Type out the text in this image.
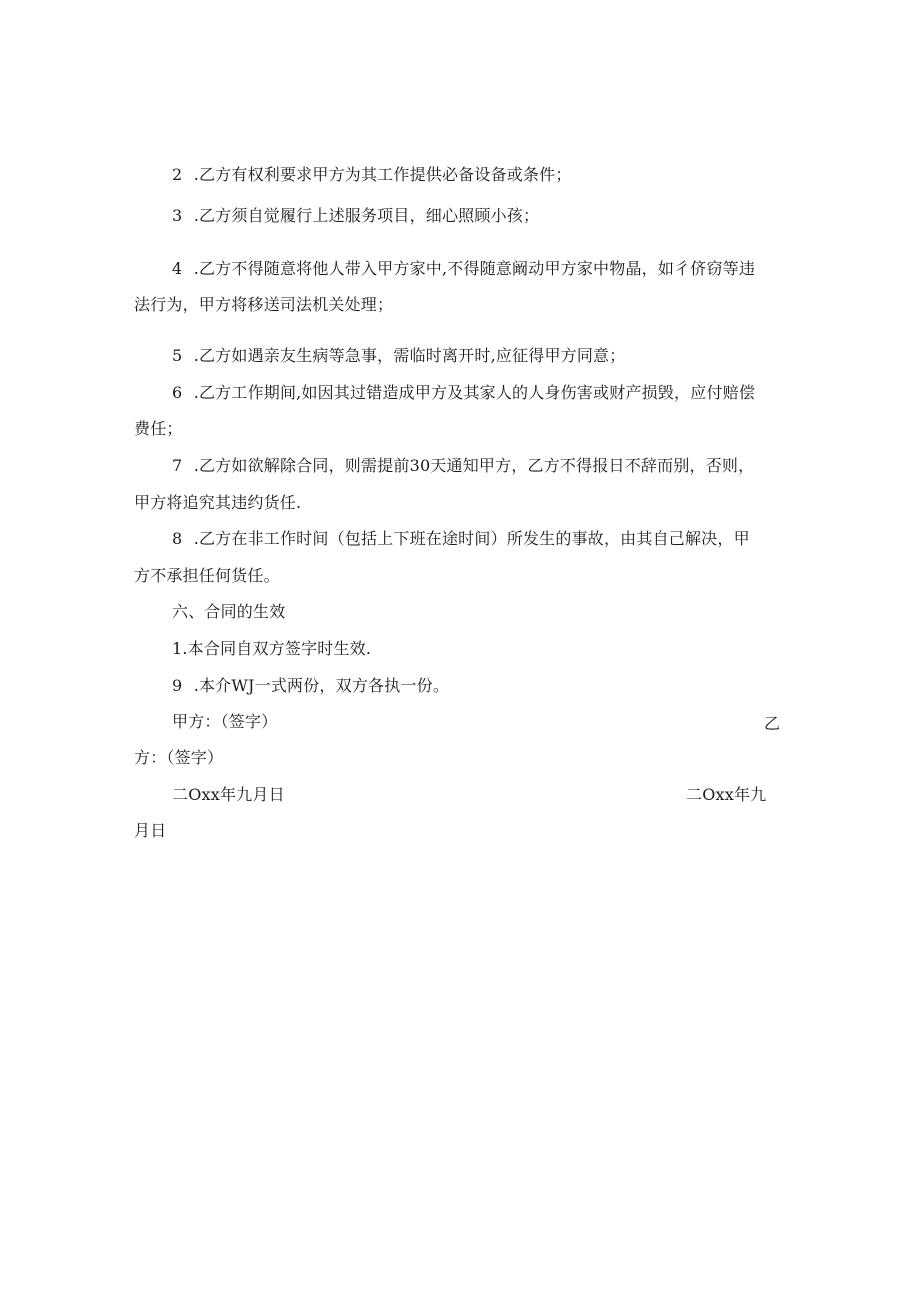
2 .乙方有权利要求甲方为其工作提供必备设备或条件；
3 .乙方须自觉履行上述服务项目，细心照顾小孩；
4 .乙方不得随意将他人带入甲方家中,不得随意阚动甲方家中物晶，如彳侪窃等违
法行为，甲方将移送司法机关处理；
5 .乙方如遇亲友生病等急事，需临时离开时,应征得甲方同意；
6 .乙方工作期间,如因其过错造成甲方及其家人的人身伤害或财产损毁，应付赔偿
费任；
7 .乙方如欲解除合同，则需提前30天通知甲方，乙方不得报日不辞而别，否则，
甲方将追究其违约货任.
8 .乙方在非工作时间（包括上下班在途时间）所发生的事故，由其自己解决，甲
方不承担任何货任。
六、合同的生效
1.本合同自双方签字时生效.
9 .本介WJ一式两份，双方各执一份。
甲方：（签字）	乙
方：（签字）
二Oxx年九月日	二Oxx年九
月日
